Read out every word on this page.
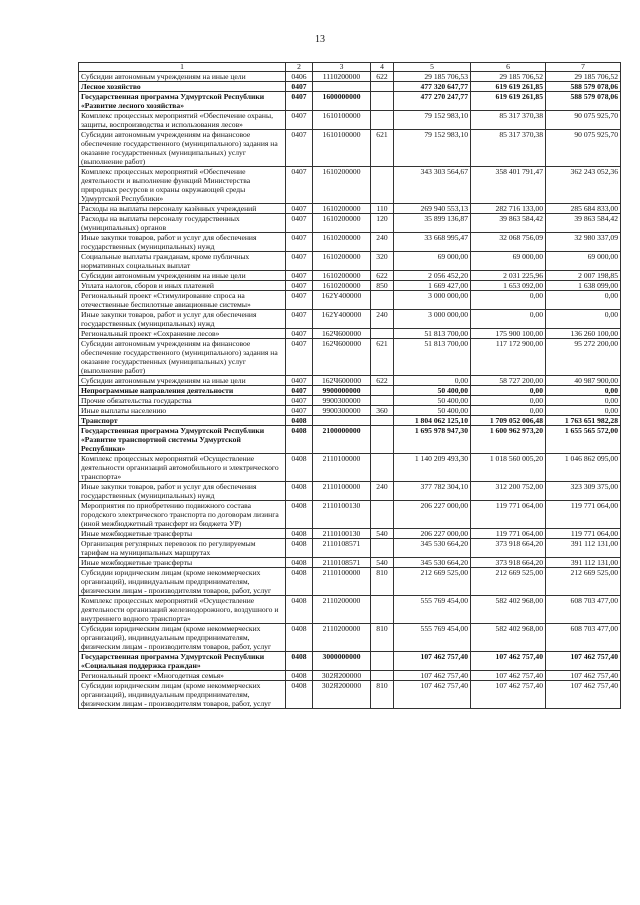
13
1	2	3	4	5	6	7
Субсидии автономным учреждениям на иные цели	0406	1110200000	622	29 185 706,53	29 185 706,52	29 185 706,52
Лесное хозяйство	0407			477 320 647,77	619 619 261,85	588 579 078,06
Государственная программа Удмуртской Республики «Развитие лесного хозяйства»	0407	1600000000		477 270 247,77	619 619 261,85	588 579 078,06
Комплекс процессных мероприятий «Обеспечение охраны, защиты, воспроизводства и использования лесов»	0407	1610100000		79 152 983,10	85 317 370,38	90 075 925,70
Субсидии автономным учреждениям на финансовое обеспечение государственного (муниципального) задания на оказание государственных (муниципальных) услуг (выполнение работ)	0407	1610100000	621	79 152 983,10	85 317 370,38	90 075 925,70
Комплекс процессных мероприятий «Обеспечение деятельности и выполнение функций Министерства природных ресурсов и охраны окружающей среды Удмуртской Республики»	0407	1610200000		343 303 564,67	358 401 791,47	362 243 052,36
Расходы на выплаты персоналу казённых учреждений	0407	1610200000	110	269 940 553,13	282 716 133,00	285 684 833,00
Расходы на выплаты персоналу государственных (муниципальных) органов	0407	1610200000	120	35 899 136,87	39 863 584,42	39 863 584,42
Иные закупки товаров, работ и услуг для обеспечения государственных (муниципальных) нужд	0407	1610200000	240	33 668 995,47	32 068 756,09	32 980 337,09
Социальные выплаты гражданам, кроме публичных нормативных социальных выплат	0407	1610200000	320	69 000,00	69 000,00	69 000,00
Субсидии автономным учреждениям на иные цели	0407	1610200000	622	2 056 452,20	2 031 225,96	2 007 198,85
Уплата налогов, сборов и иных платежей	0407	1610200000	850	1 669 427,00	1 653 092,00	1 638 099,00
Региональный проект «Стимулирование спроса на отечественные беспилотные авиационные системы»	0407	162Y400000		3 000 000,00	0,00	0,00
Иные закупки товаров, работ и услуг для обеспечения государственных (муниципальных) нужд	0407	162Y400000	240	3 000 000,00	0,00	0,00
Региональный проект «Сохранение лесов»	0407	162Ч600000		51 813 700,00	175 900 100,00	136 260 100,00
Субсидии автономным учреждениям на финансовое обеспечение государственного (муниципального) задания на оказание государственных (муниципальных) услуг (выполнение работ)	0407	162Ч600000	621	51 813 700,00	117 172 900,00	95 272 200,00
Субсидии автономным учреждениям на иные цели	0407	162Ч600000	622	0,00	58 727 200,00	40 987 900,00
Непрограммные направления деятельности	0407	9900000000		50 400,00	0,00	0,00
Прочие обязательства государства	0407	9900300000		50 400,00	0,00	0,00
Иные выплаты населению	0407	9900300000	360	50 400,00	0,00	0,00
Транспорт	0408			1 804 062 125,10	1 709 052 006,48	1 763 651 982,28
Государственная программа Удмуртской Республики «Развитие транспортной системы Удмуртской Республики»	0408	2100000000		1 695 978 947,30	1 600 962 973,20	1 655 565 572,00
Комплекс процессных мероприятий «Осуществление деятельности организаций автомобильного и электрического транспорта»	0408	2110100000		1 140 209 493,30	1 018 560 005,20	1 046 862 095,00
Иные закупки товаров, работ и услуг для обеспечения государственных (муниципальных) нужд	0408	2110100000	240	377 782 304,10	312 200 752,00	323 309 375,00
Мероприятия по приобретению подвижного состава городского электрического транспорта по договорам лизинга (иной межбюджетный трансферт из бюджета УР)	0408	2110100130		206 227 000,00	119 771 064,00	119 771 064,00
Иные межбюджетные трансферты	0408	2110100130	540	206 227 000,00	119 771 064,00	119 771 064,00
Организация регулярных перевозок по регулируемым тарифам на муниципальных маршрутах	0408	2110108571		345 530 664,20	373 918 664,20	391 112 131,00
Иные межбюджетные трансферты	0408	2110108571	540	345 530 664,20	373 918 664,20	391 112 131,00
Субсидии юридическим лицам (кроме некоммерческих организаций), индивидуальным предпринимателям, физическим лицам - производителям товаров, работ, услуг	0408	2110100000	810	212 669 525,00	212 669 525,00	212 669 525,00
Комплекс процессных мероприятий «Осуществление деятельности организаций железнодорожного, воздушного и внутреннего водного транспорта»	0408	2110200000		555 769 454,00	582 402 968,00	608 703 477,00
Субсидии юридическим лицам (кроме некоммерческих организаций), индивидуальным предпринимателям, физическим лицам - производителям товаров, работ, услуг	0408	2110200000	810	555 769 454,00	582 402 968,00	608 703 477,00
Государственная программа Удмуртской Республики «Социальная поддержка граждан»	0408	3000000000		107 462 757,40	107 462 757,40	107 462 757,40
Региональный проект «Многодетная семья»	0408	302Я200000		107 462 757,40	107 462 757,40	107 462 757,40
Субсидии юридическим лицам (кроме некоммерческих организаций), индивидуальным предпринимателям, физическим лицам - производителям товаров, работ, услуг	0408	302Я200000	810	107 462 757,40	107 462 757,40	107 462 757,40
